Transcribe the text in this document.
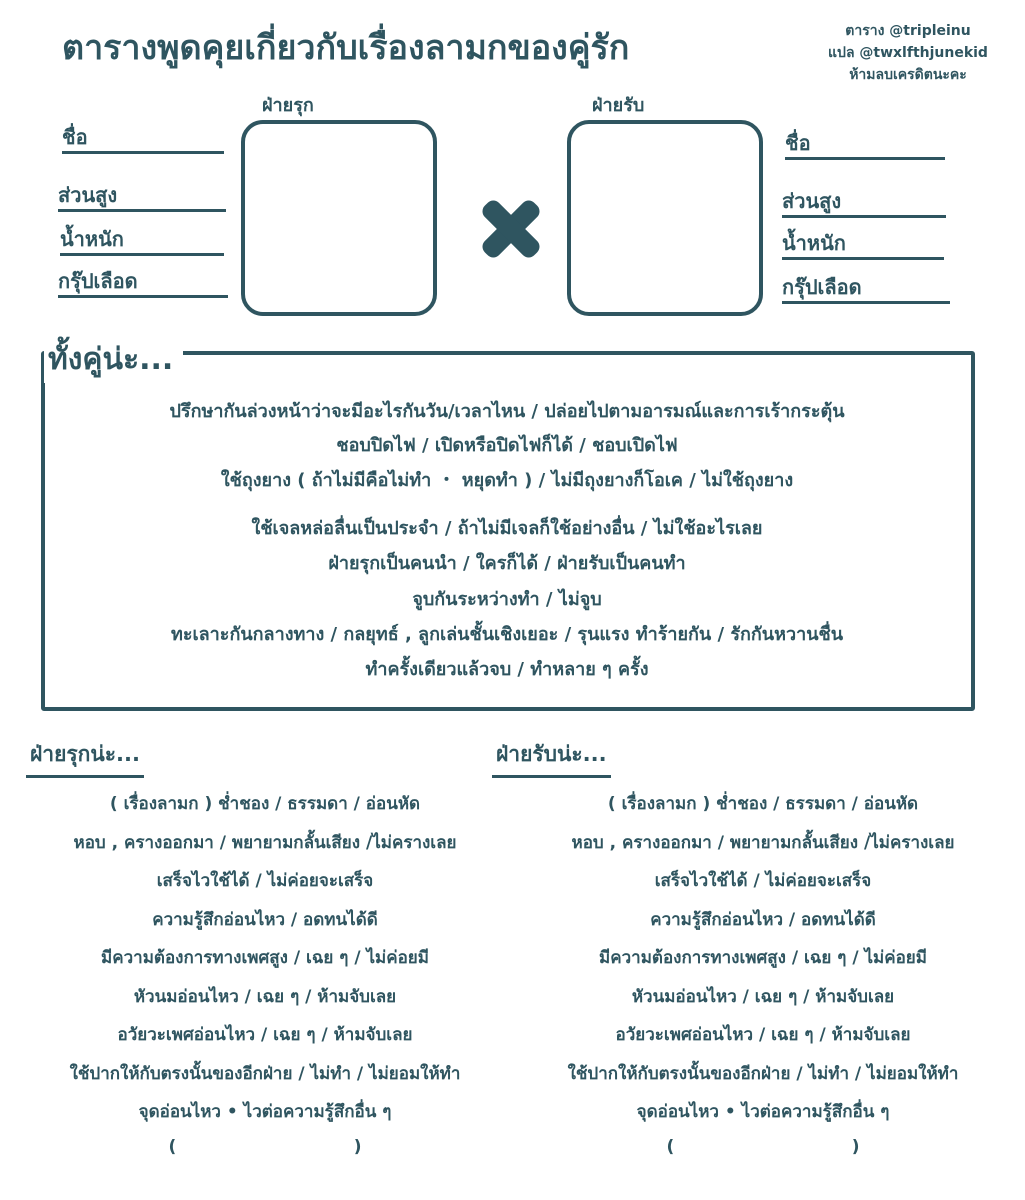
ตารางพูดคุยเกี่ยวกับเรื่องลามกของคู่รัก	ตาราง @tripleinu
แปล @twxlfthjunekid
ห้ามลบเครดิตนะคะ
ฝ่ายรุก
ชื่อ
ส่วนสูง
น้ำหนัก
กรุ๊ปเลือด
ฝ่ายรับ
ชื่อ
ส่วนสูง
น้ำหนัก
กรุ๊ปเลือด
ทั้งคู่น่ะ...
ปรึกษากันล่วงหน้าว่าจะมีอะไรกันวัน/เวลาไหน / ปล่อยไปตามอารมณ์และการเร้ากระตุ้น
ชอบปิดไฟ / เปิดหรือปิดไฟก็ได้ / ชอบเปิดไฟ
ใช้ถุงยาง ( ถ้าไม่มีคือไม่ทำ ・ หยุดทำ ) / ไม่มีถุงยางก็โอเค / ไม่ใช้ถุงยาง
ใช้เจลหล่อลื่นเป็นประจำ / ถ้าไม่มีเจลก็ใช้อย่างอื่น / ไม่ใช้อะไรเลย
ฝ่ายรุกเป็นคนนำ / ใครก็ได้ / ฝ่ายรับเป็นคนทำ
จูบกันระหว่างทำ / ไม่จูบ
ทะเลาะกันกลางทาง / กลยุทธ์ , ลูกเล่นชั้นเชิงเยอะ / รุนแรง ทำร้ายกัน / รักกันหวานชื่น
ทำครั้งเดียวแล้วจบ / ทำหลาย ๆ ครั้ง
ฝ่ายรุกน่ะ...
( เรื่องลามก ) ช่ำชอง / ธรรมดา / อ่อนหัด
หอบ , ครางออกมา / พยายามกลั้นเสียง /ไม่ครางเลย
เสร็จไวใช้ได้ / ไม่ค่อยจะเสร็จ
ความรู้สึกอ่อนไหว / อดทนได้ดี
มีความต้องการทางเพศสูง / เฉย ๆ / ไม่ค่อยมี
หัวนมอ่อนไหว / เฉย ๆ / ห้ามจับเลย
อวัยวะเพศอ่อนไหว / เฉย ๆ / ห้ามจับเลย
ใช้ปากให้กับตรงนั้นของอีกฝ่าย / ไม่ทำ / ไม่ยอมให้ทำ
จุดอ่อนไหว • ไวต่อความรู้สึกอื่น ๆ
(                              )
ฝ่ายรับน่ะ...
( เรื่องลามก ) ช่ำชอง / ธรรมดา / อ่อนหัด
หอบ , ครางออกมา / พยายามกลั้นเสียง /ไม่ครางเลย
เสร็จไวใช้ได้ / ไม่ค่อยจะเสร็จ
ความรู้สึกอ่อนไหว / อดทนได้ดี
มีความต้องการทางเพศสูง / เฉย ๆ / ไม่ค่อยมี
หัวนมอ่อนไหว / เฉย ๆ / ห้ามจับเลย
อวัยวะเพศอ่อนไหว / เฉย ๆ / ห้ามจับเลย
ใช้ปากให้กับตรงนั้นของอีกฝ่าย / ไม่ทำ / ไม่ยอมให้ทำ
จุดอ่อนไหว • ไวต่อความรู้สึกอื่น ๆ
(                              )
